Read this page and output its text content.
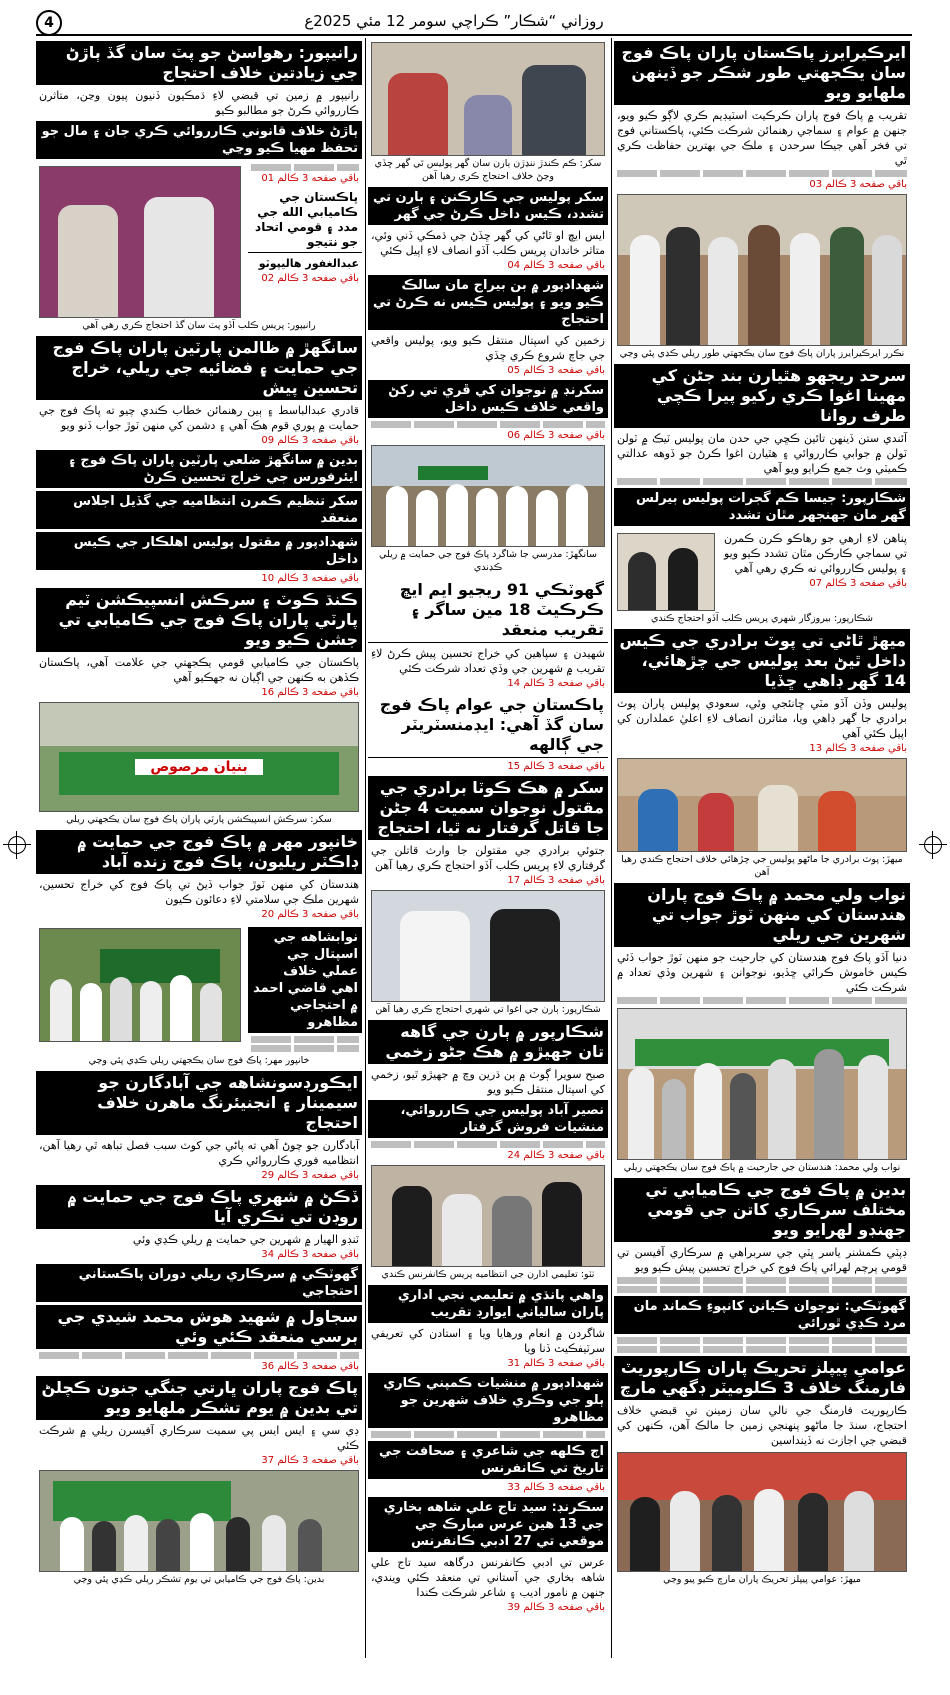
4	روزاني “شڪار” ڪراچي سومر 12 مئي 2025ع
ايرڪيرايرز پاڪستان پاران پاڪ فوج سان يڪجهتي طور شڪر جو ڏينهن ملهايو ويو
تقريب ۾ پاڪ فوج پاران ڪرڪيٽ اسٽيڊيم ڪري لاڳو ڪيو ويو، جنهن ۾ عوام ۽ سماجي رهنمائن شرڪت ڪئي، پاڪستاني فوج تي فخر آهي جيڪا سرحدن ۽ ملڪ جي بهترين حفاظت ڪري ٿي
باقي صفحه 3 ڪالم 03
نڪرر ايرڪيرايرز پاران پاڪ فوج سان يڪجهتي طور ريلي ڪڍي پئي وڃي
سرحد ريجهو هٿيارن بند جڻن کي مهينا اغوا ڪري رکيو پيرا ڪچي طرف روانا
آئندي ستن ڏينهن تائين ڪڇي جي حدن مان پوليس ٽيڪ ۾ ٽولن ٽولن ۾ جوابي ڪارروائي ۽ هٿيارن اغوا ڪرڻ جو ڏوهه عدالتي ڪميٽي وٽ جمع ڪرايو ويو آهي
شڪارپور: جيسا ڪم گجرات پوليس بيرلس گهر مان جهنجهر مٿان تشدد
پناهن لاءِ ارهي جو رهاڪو ڪرن ڪمرن تي سماجي ڪارڪن مٿان تشدد ڪيو ويو ۽ پوليس ڪارروائي نه ڪري رهي آهي
باقي صفحه 3 ڪالم 07
شڪارپور: بيروزگار شهري پريس ڪلب آڏو احتجاج ڪندي
ميهڙ ٿاڻي تي پوٽ برادري جي ڪيس داخل ٿيڻ بعد پوليس جي چڙهائي، 14 گهر ڊاهي ڇڏيا
پوليس وڏن آڏو مٽي ڇانئجي وئي، سعودي پوليس پاران پوٽ برادري جا گهر ڊاهي ويا، متاثرن انصاف لاءِ اعليٰ عملدارن کي اپيل ڪئي آهي
باقي صفحه 3 ڪالم 13
ميهڙ: پوٽ برادري جا ماڻهو پوليس جي چڙهائي خلاف احتجاج ڪندي رهيا آهن
نواب ولي محمد ۾ پاڪ فوج پاران هندستان کي منهن ٽوڙ جواب تي شهرين جي ريلي
دنيا آڏو پاڪ فوج هندستان کي جارحيت جو منهن ٽوڙ جواب ڏئي ڪيس خاموش ڪرائي ڇڏيو، نوجوانن ۽ شهرين وڏي تعداد ۾ شرڪت ڪئي
نواب ولي محمد: هندستان جي جارحيت ۾ پاڪ فوج سان يڪجهتي ريلي
بدين ۾ پاڪ فوج جي ڪاميابي تي مختلف سرڪاري کاتن جي قومي جهنڊو لهرايو ويو
ڊپٽي ڪمشنر ياسر ڀٽي جي سربراهي ۾ سرڪاري آفيسن تي قومي پرچم لهرائي پاڪ فوج کي خراج تحسين پيش ڪيو ويو
گهوٽڪي: نوجوان ڪيانن کانپوءِ ڪماند مان مرد ڪڍي ٿورائي
عوامي پيپلز تحريڪ پاران ڪارپوريٽ فارمنگ خلاف 3 ڪلوميٽر ڊگهي مارچ
ڪارپوريٽ فارمنگ جي نالي سان زمينن تي قبضي خلاف احتجاج، سنڌ جا ماڻهو پنهنجي زمين جا مالڪ آهن، ڪنهن کي قبضي جي اجازت نه ڏينداسين
ميهڙ: عوامي پيپلز تحريڪ پاران مارچ ڪيو پيو وڃي
سکر: ڪم ڪندڙ ننڍڙن ٻارن سان گهر پوليس ٿي گهر ڇڏي وڃڻ خلاف احتجاج ڪري رهيا آهن
سکر پوليس جي ڪارڪنن ۽ ٻارن تي تشدد، ڪيس داخل ڪرڻ جي گهر
ايس ايڇ او ٿاڻي کي گهر ڇڏڻ جي ڌمڪي ڏني وئي، متاثر خاندان پريس ڪلب آڏو انصاف لاءِ اپيل ڪئي
باقي صفحه 3 ڪالم 04
شهدادپور ۾ بن بيراج مان سالڪ ڪيو ويو ۽ پوليس ڪيس نه ڪرڻ تي احتجاج
زخمين کي اسپتال منتقل ڪيو ويو، پوليس واقعي جي جاچ شروع ڪري ڇڏي
باقي صفحه 3 ڪالم 05
سکرنڊ ۾ نوجوان کي ڦري تي رکڻ واقعي خلاف ڪيس داخل
باقي صفحه 3 ڪالم 06
سانگهڙ: مدرسي جا شاگرد پاڪ فوج جي حمايت ۾ ريلي ڪڍندي
گهوٽڪي 91 ريجيو ايم ايڇ ڪرڪيٽ 18 مين ساگر ۽ تقريب منعقد
شهيدن ۽ سپاهين کي خراج تحسين پيش ڪرڻ لاءِ تقريب ۾ شهرين جي وڏي تعداد شرڪت ڪئي
باقي صفحه 3 ڪالم 14
پاڪستان جي عوام پاڪ فوج سان گڏ آهي: ايڊمنسٽريٽر جي ڳالهه
باقي صفحه 3 ڪالم 15
سکر ۾ هڪ ڪوٽا برادري جي مقتول نوجوان سميت 4 جڻن جا قاتل گرفتار نه ٿيا، احتجاج
جتوئي برادري جي مقتولن جا وارث قاتلن جي گرفتاري لاءِ پريس ڪلب آڏو احتجاج ڪري رهيا آهن
باقي صفحه 3 ڪالم 17
شڪارپور: ٻارن جي اغوا تي شهري احتجاج ڪري رهيا آهن
شڪارپور ۾ ٻارن جي گاهه تان جهيڙو ۾ هڪ جڻو زخمي
صبح سويرا ڳوٺ ۾ ٻن ڌرين وچ ۾ جهيڙو ٿيو، زخمي کي اسپتال منتقل ڪيو ويو
نصير آباد پوليس جي ڪارروائي، منشيات فروش گرفتار
باقي صفحه 3 ڪالم 24
ٺٽو: تعليمي ادارن جي انتظاميه پريس ڪانفرنس ڪندي
واهي پانڌي ۾ تعليمي نجي اداري پاران سالياني ايوارڊ تقريب
شاگردن ۾ انعام ورهايا ويا ۽ استادن کي تعريفي سرٽيفڪيٽ ڏنا ويا
باقي صفحه 3 ڪالم 31
شهدادپور ۾ منشيات ڪمپني ڪاري ٻلو جي وڪري خلاف شهرين جو مظاهرو
اڄ ڪلهه جي شاعري ۽ صحافت جي تاريخ تي ڪانفرنس
باقي صفحه 3 ڪالم 33
سڪرنڊ: سيد تاج علي شاهه بخاري جي 13 هين عرس مبارڪ جي موقعي تي 27 ادبي ڪانفرنس
عرس تي ادبي ڪانفرنس درگاهه سيد تاج علي شاهه بخاري جي آستاني تي منعقد ڪئي ويندي، جنهن ۾ نامور اديب ۽ شاعر شرڪت ڪندا
باقي صفحه 3 ڪالم 39
رانيپور: رهواسڻ جو پٽ سان گڏ ٻاڙڻ جي زيادتين خلاف احتجاج
رانيپور ۾ زمين تي قبضي لاءِ ڌمڪيون ڏنيون پيون وڃن، متاثرن ڪارروائي ڪرڻ جو مطالبو ڪيو
ٻاڙڻ خلاف قانوني ڪارروائي ڪري جان ۽ مال جو تحفظ مهيا ڪيو وڃي
باقي صفحه 3 ڪالم 01
پاڪستان جي ڪاميابي الله جي مدد ۽ قومي اتحاد جو نتيجو
عبدالغفور هاليپوٽو
باقي صفحه 3 ڪالم 02
رانيپور: پريس ڪلب آڏو پٽ سان گڏ احتجاج ڪري رهي آهي
سانگهڙ ۾ ظالمن پارٽين پاران پاڪ فوج جي حمايت ۽ فضائيه جي ريلي، خراج تحسين پيش
قادري عبدالباسط ۽ ٻين رهنمائن خطاب ڪندي چيو ته پاڪ فوج جي حمايت ۾ پوري قوم هڪ آهي ۽ دشمن کي منهن ٽوڙ جواب ڏنو ويو
باقي صفحه 3 ڪالم 09
بدين ۾ سانگهڙ ضلعي پارٽين پاران پاڪ فوج ۽ ايئرفورس جي خراج تحسين ڪرڻ
سکر تنظيم ڪمرن انتظاميه جي گڏيل اجلاس منعقد
شهدادپور ۾ مقتول پوليس اهلڪار جي ڪيس داخل
باقي صفحه 3 ڪالم 10
ڪنڌ ڪوٽ ۽ سرڪش انسپيڪشن ٽيم پارٽي پاران پاڪ فوج جي ڪاميابي تي جشن ڪيو ويو
پاڪستان جي ڪاميابي قومي يڪجهتي جي علامت آهي، پاڪستان ڪڏهن به ڪنهن جي اڳيان نه جهڪيو آهي
باقي صفحه 3 ڪالم 16
بنيان مرصوص
سکر: سرڪش انسپيڪشن پارٽي پاران پاڪ فوج سان يڪجهتي ريلي
خانپور مهر ۾ پاڪ فوج جي حمايت ۾ ڊاڪٽر ريليون، پاڪ فوج زنده آباد
هندستان کي منهن ٽوڙ جواب ڏيڻ تي پاڪ فوج کي خراج تحسين، شهرين ملڪ جي سلامتي لاءِ دعائون ڪيون
باقي صفحه 3 ڪالم 20
نوابشاهه جي اسپتال جي عملي خلاف اهي قاضي احمد ۾ احتجاجي مظاهرو
خانپور مهر: پاڪ فوج سان يڪجهتي ريلي ڪڍي پئي وڃي
ايڪورڊسونشاهه جي آبادگارن جو سيمينار ۽ انجنيئرنگ ماهرن خلاف احتجاج
آبادگارن جو چوڻ آهي ته پاڻي جي کوٽ سبب فصل تباهه ٿي رهيا آهن، انتظاميه فوري ڪارروائي ڪري
باقي صفحه 3 ڪالم 29
ڏڪڻ ۾ شهري پاڪ فوج جي حمايت ۾ روڊن تي نڪري آيا
ٽنڊو الهيار ۾ شهرين جي حمايت ۾ ريلي ڪڍي وئي
باقي صفحه 3 ڪالم 34
گهوٽڪي ۾ سرڪاري ريلي دوران پاڪستاني احتجاجي
سجاول ۾ شهيد هوش محمد شيدي جي برسي منعقد ڪئي وئي
باقي صفحه 3 ڪالم 36
پاڪ فوج پاران ڀارتي جنگي جنون ڪچلڻ تي بدين ۾ يوم تشڪر ملهايو ويو
ڊي سي ۽ ايس ايس پي سميت سرڪاري آفيسرن ريلي ۾ شرڪت ڪئي
باقي صفحه 3 ڪالم 37
بدين: پاڪ فوج جي ڪاميابي تي يوم تشڪر ريلي ڪڍي پئي وڃي
